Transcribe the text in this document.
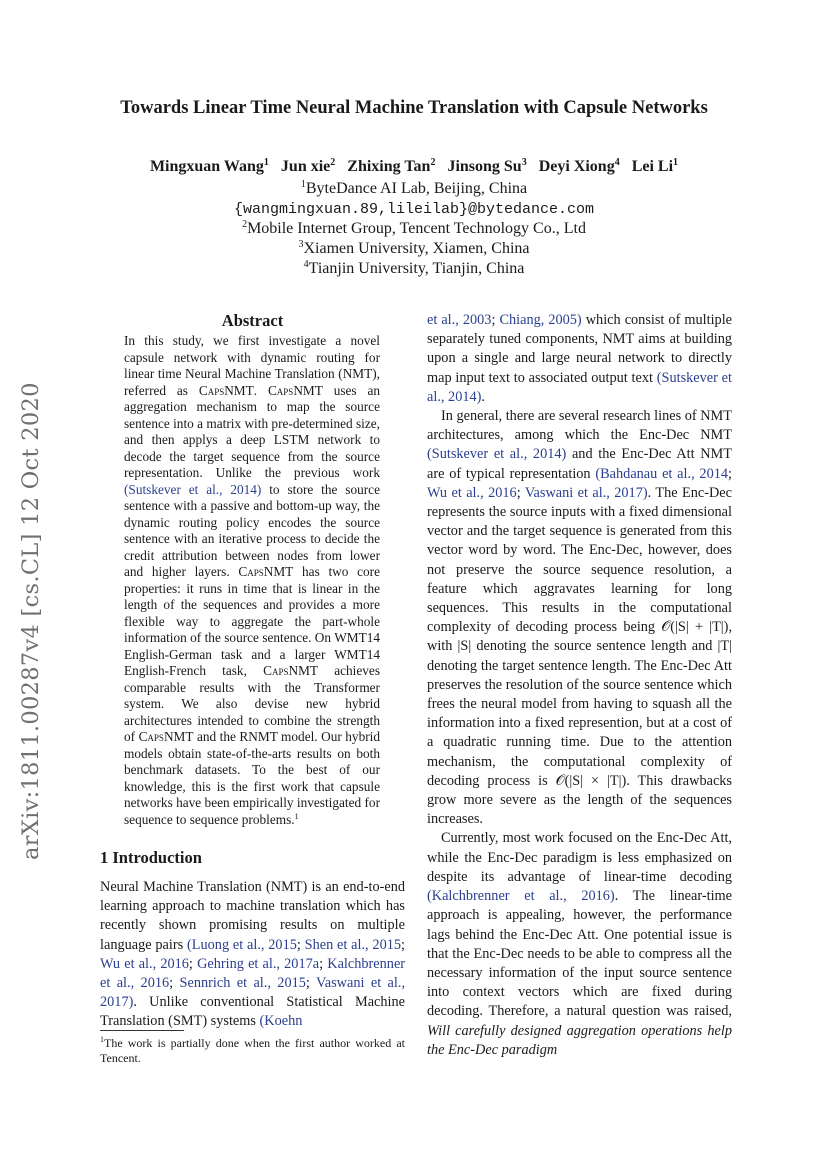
arXiv:1811.00287v4 [cs.CL] 12 Oct 2020
Towards Linear Time Neural Machine Translation with Capsule Networks
Mingxuan Wang$^1$ Jun xie$^2$ Zhixing Tan$^2$ Jinsong Su$^3$ Deyi Xiong$^4$ Lei Li$^1$
$^1$ByteDance AI Lab, Beijing, China
{wangmingxuan.89,lileilab}@bytedance.com
$^2$Mobile Internet Group, Tencent Technology Co., Ltd
$^3$Xiamen University, Xiamen, China
$^4$Tianjin University, Tianjin, China
Abstract
In this study, we first investigate a novel capsule network with dynamic routing for linear time Neural Machine Translation (NMT), referred as CapsNMT. CapsNMT uses an aggregation mechanism to map the source sentence into a matrix with pre-determined size, and then applys a deep LSTM network to decode the target sequence from the source representation. Unlike the previous work (Sutskever et al., 2014) to store the source sentence with a passive and bottom-up way, the dynamic routing policy encodes the source sentence with an iterative process to decide the credit attribution between nodes from lower and higher layers. CapsNMT has two core properties: it runs in time that is linear in the length of the sequences and provides a more flexible way to aggregate the part-whole information of the source sentence. On WMT14 English-German task and a larger WMT14 English-French task, CapsNMT achieves comparable results with the Transformer system. We also devise new hybrid architectures intended to combine the strength of CapsNMT and the RNMT model. Our hybrid models obtain state-of-the-arts results on both benchmark datasets. To the best of our knowledge, this is the first work that capsule networks have been empirically investigated for sequence to sequence problems.$^1$
1 Introduction

Neural Machine Translation (NMT) is an end-to-end learning approach to machine translation which has recently shown promising results on multiple language pairs (Luong et al., 2015; Shen et al., 2015; Wu et al., 2016; Gehring et al., 2017a; Kalchbrenner et al., 2016; Sennrich et al., 2015; Vaswani et al., 2017). Unlike conventional Statistical Machine Translation (SMT) systems (Koehn

$^1$The work is partially done when the first author worked at Tencent.

et al., 2003; Chiang, 2005) which consist of multiple separately tuned components, NMT aims at building upon a single and large neural network to directly map input text to associated output text (Sutskever et al., 2014).

In general, there are several research lines of NMT architectures, among which the Enc-Dec NMT (Sutskever et al., 2014) and the Enc-Dec Att NMT are of typical representation (Bahdanau et al., 2014; Wu et al., 2016; Vaswani et al., 2017). The Enc-Dec represents the source inputs with a fixed dimensional vector and the target sequence is generated from this vector word by word. The Enc-Dec, however, does not preserve the source sequence resolution, a feature which aggravates learning for long sequences. This results in the computational complexity of decoding process being 𝒪(|S| + |T|), with |S| denoting the source sentence length and |T| denoting the target sentence length. The Enc-Dec Att preserves the resolution of the source sentence which frees the neural model from having to squash all the information into a fixed represention, but at a cost of a quadratic running time. Due to the attention mechanism, the computational complexity of decoding process is 𝒪(|S| × |T|). This drawbacks grow more severe as the length of the sequences increases.

Currently, most work focused on the Enc-Dec Att, while the Enc-Dec paradigm is less emphasized on despite its advantage of linear-time decoding (Kalchbrenner et al., 2016). The linear-time approach is appealing, however, the performance lags behind the Enc-Dec Att. One potential issue is that the Enc-Dec needs to be able to compress all the necessary information of the input source sentence into context vectors which are fixed during decoding. Therefore, a natural question was raised, Will carefully designed aggregation operations help the Enc-Dec paradigm
